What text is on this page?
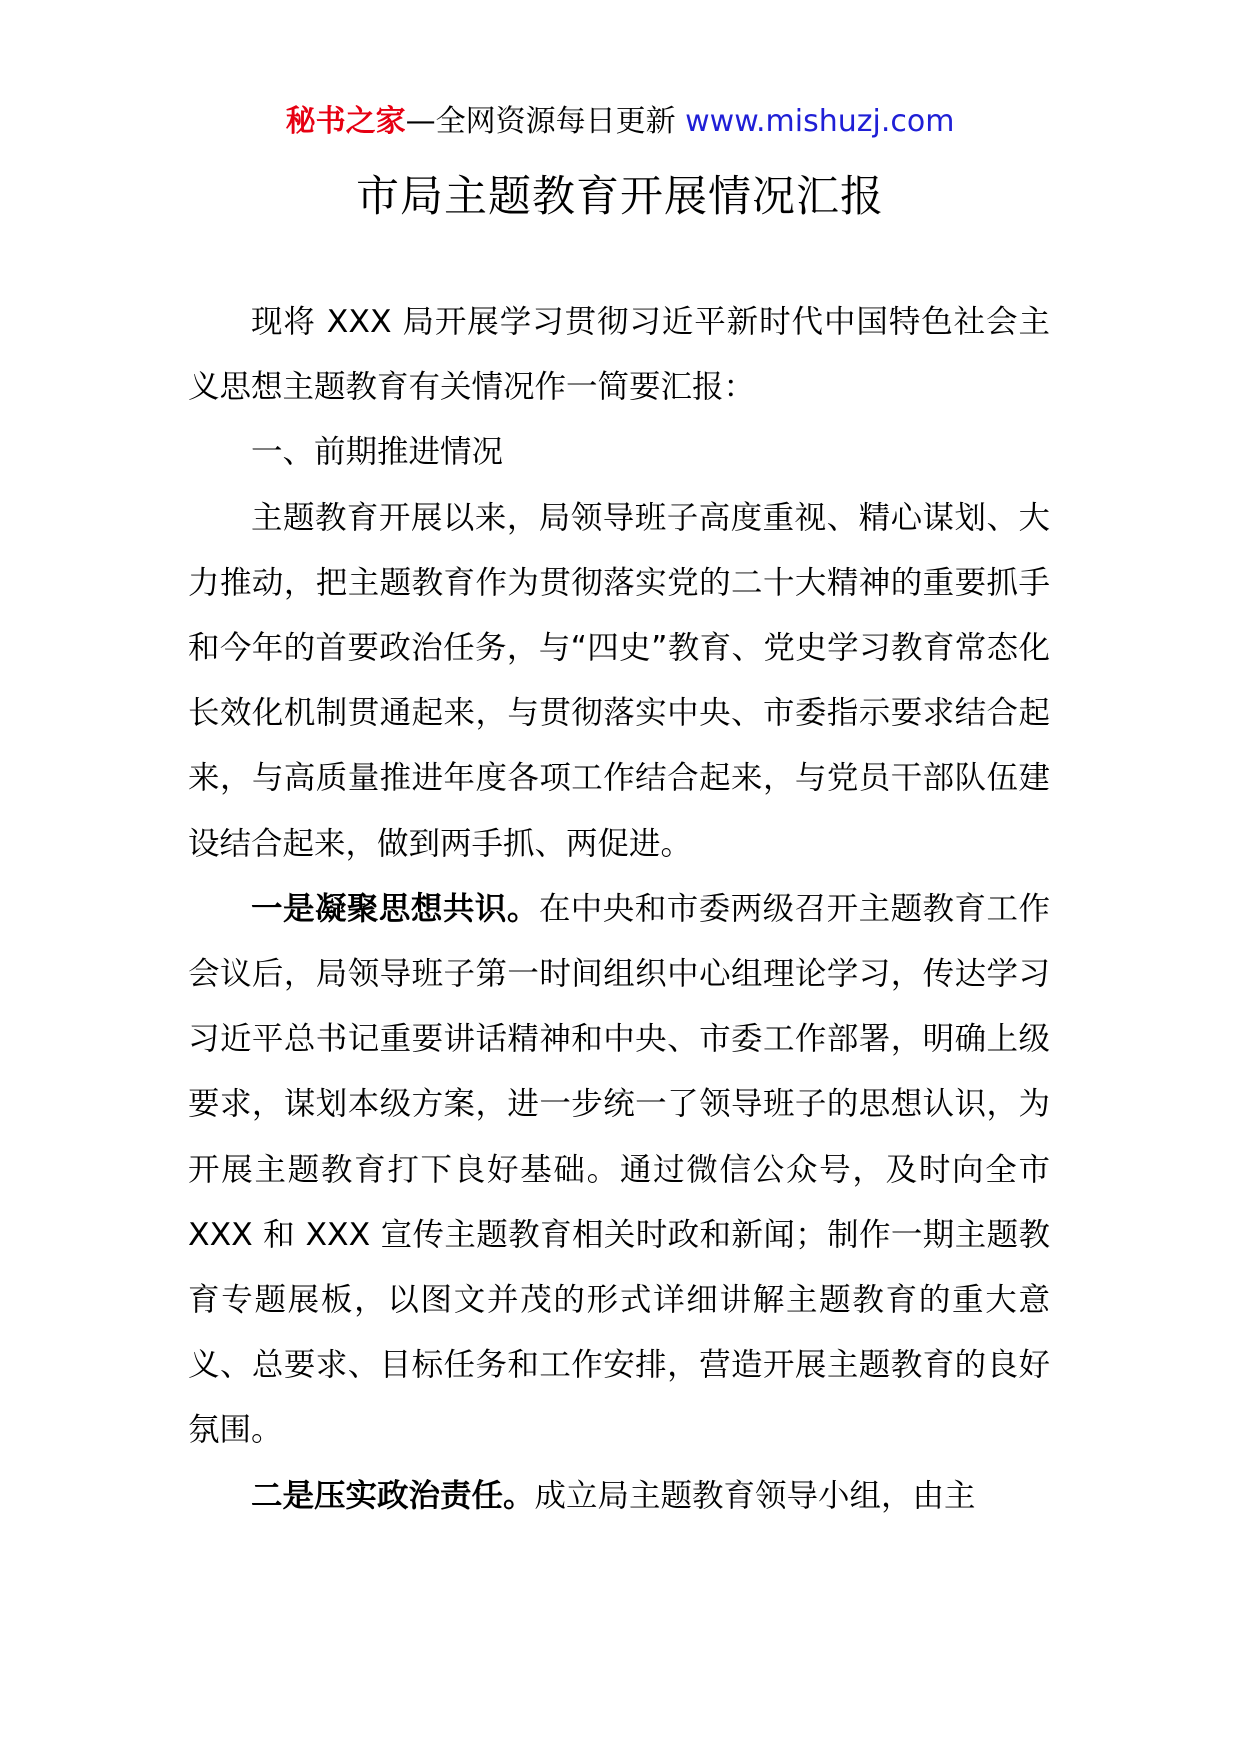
秘书之家—全网资源每日更新 www.mishuzj.com
市局主题教育开展情况汇报

现将 XXX 局开展学习贯彻习近平新时代中国特色社会主义思想主题教育有关情况作一简要汇报：

一、前期推进情况

主题教育开展以来，局领导班子高度重视、精心谋划、大力推动，把主题教育作为贯彻落实党的二十大精神的重要抓手和今年的首要政治任务，与“四史”教育、党史学习教育常态化长效化机制贯通起来，与贯彻落实中央、市委指示要求结合起来，与高质量推进年度各项工作结合起来，与党员干部队伍建设结合起来，做到两手抓、两促进。

一是凝聚思想共识。在中央和市委两级召开主题教育工作会议后，局领导班子第一时间组织中心组理论学习，传达学习习近平总书记重要讲话精神和中央、市委工作部署，明确上级要求，谋划本级方案，进一步统一了领导班子的思想认识，为开展主题教育打下良好基础。通过微信公众号，及时向全市 XXX 和 XXX 宣传主题教育相关时政和新闻；制作一期主题教育专题展板，以图文并茂的形式详细讲解主题教育的重大意义、总要求、目标任务和工作安排，营造开展主题教育的良好氛围。

二是压实政治责任。成立局主题教育领导小组，由主
